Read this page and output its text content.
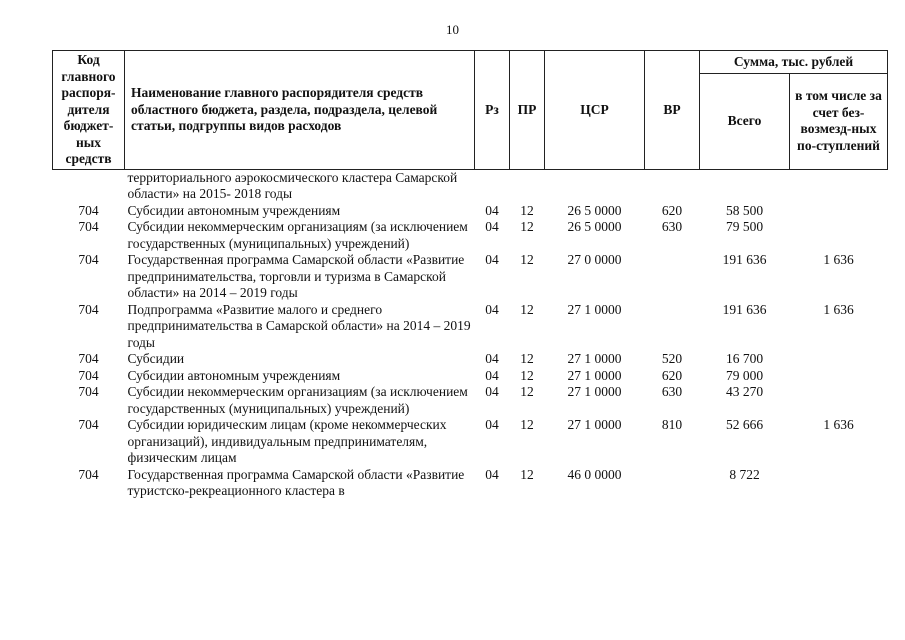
10
Код главного распоря-дителя бюджет-ных средств	Наименование главного распорядителя средств областного бюджета, раздела, подраздела, целевой статьи, подгруппы видов расходов	Рз	ПР	ЦСР	ВР	Сумма, тыс. рублей	
						Всего	в том числе за счет без-возмезд-ных по-ступлений
	территориального аэрокосмического кластера Самарской области» на 2015- 2018 годы						
704	Субсидии автономным учреждениям	04	12	26 5 0000	620	58 500	
704	Субсидии некоммерческим организациям (за исключением государственных (муниципальных) учреждений)	04	12	26 5 0000	630	79 500	
704	Государственная программа Самарской области «Развитие предпринимательства, торговли и туризма в Самарской области» на 2014 – 2019 годы	04	12	27 0 0000		191 636	1 636
704	Подпрограмма «Развитие малого и среднего предпринимательства в Самарской области» на 2014 – 2019 годы	04	12	27 1 0000		191 636	1 636
704	Субсидии	04	12	27 1 0000	520	16 700	
704	Субсидии автономным учреждениям	04	12	27 1 0000	620	79 000	
704	Субсидии некоммерческим организациям (за исключением государственных (муниципальных) учреждений)	04	12	27 1 0000	630	43 270	
704	Субсидии юридическим лицам (кроме некоммерческих организаций), индивидуальным предпринимателям, физическим лицам	04	12	27 1 0000	810	52 666	1 636
704	Государственная программа Самарской области «Развитие туристско-рекреационного кластера в	04	12	46 0 0000		8 722	
